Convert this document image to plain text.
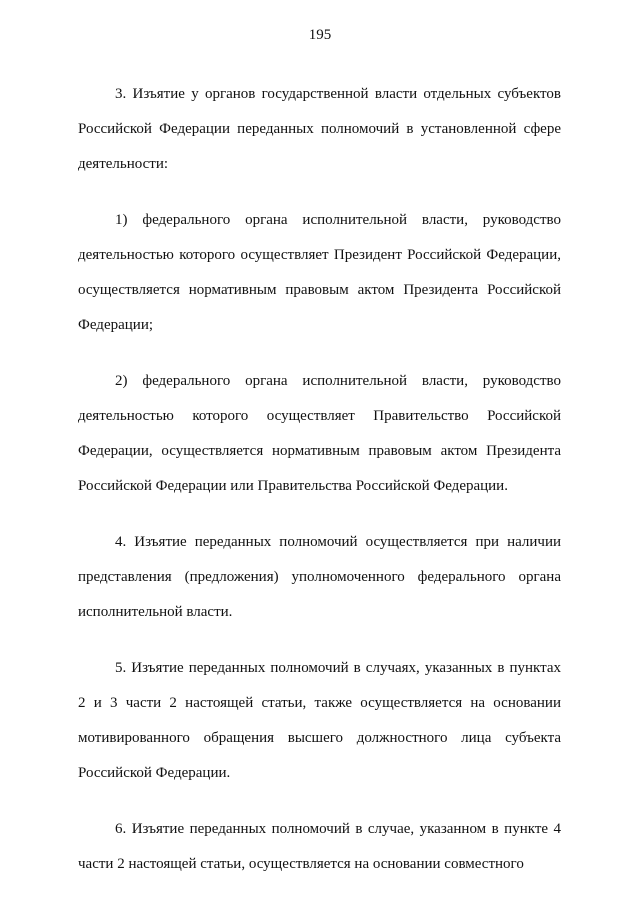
195

3. Изъятие у органов государственной власти отдельных субъектов Российской Федерации переданных полномочий в установленной сфере деятельности:

1) федерального органа исполнительной власти, руководство деятельностью которого осуществляет Президент Российской Федерации, осуществляется нормативным правовым актом Президента Российской Федерации;

2) федерального органа исполнительной власти, руководство деятельностью которого осуществляет Правительство Российской Федерации, осуществляется нормативным правовым актом Президента Российской Федерации или Правительства Российской Федерации.

4. Изъятие переданных полномочий осуществляется при наличии представления (предложения) уполномоченного федерального органа исполнительной власти.

5. Изъятие переданных полномочий в случаях, указанных в пунктах 2 и 3 части 2 настоящей статьи, также осуществляется на основании мотивированного обращения высшего должностного лица субъекта Российской Федерации.

6. Изъятие переданных полномочий в случае, указанном в пункте 4 части 2 настоящей статьи, осуществляется на основании совместного
